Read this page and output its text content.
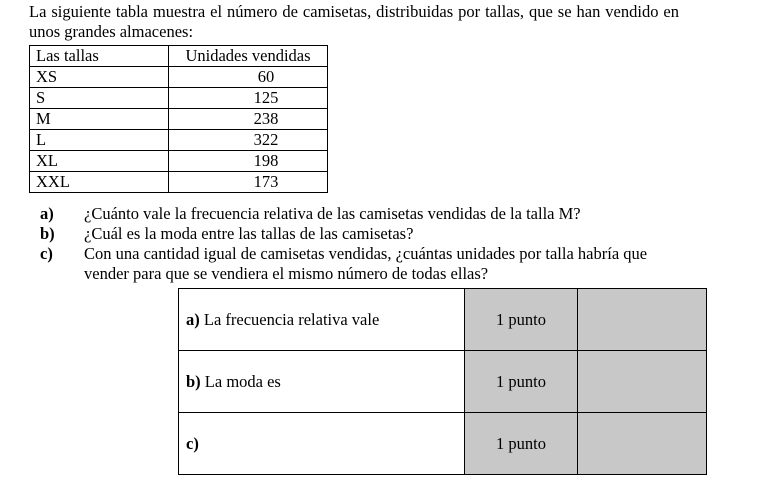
La siguiente tabla muestra el número de camisetas, distribuidas por tallas, que se han vendido en unos grandes almacenes:
Las tallas	Unidades vendidas
XS	60
S	125
M	238
L	322
XL	198
XXL	173
a)	¿Cuánto vale la frecuencia relativa de las camisetas vendidas de la talla M?
b)	¿Cuál es la moda entre las tallas de las camisetas?
c)	Con una cantidad igual de camisetas vendidas, ¿cuántas unidades por talla habría que vender para que se vendiera el mismo número de todas ellas?
a) La frecuencia relativa vale	1 punto	
b) La moda es	1 punto	
c)	1 punto	
